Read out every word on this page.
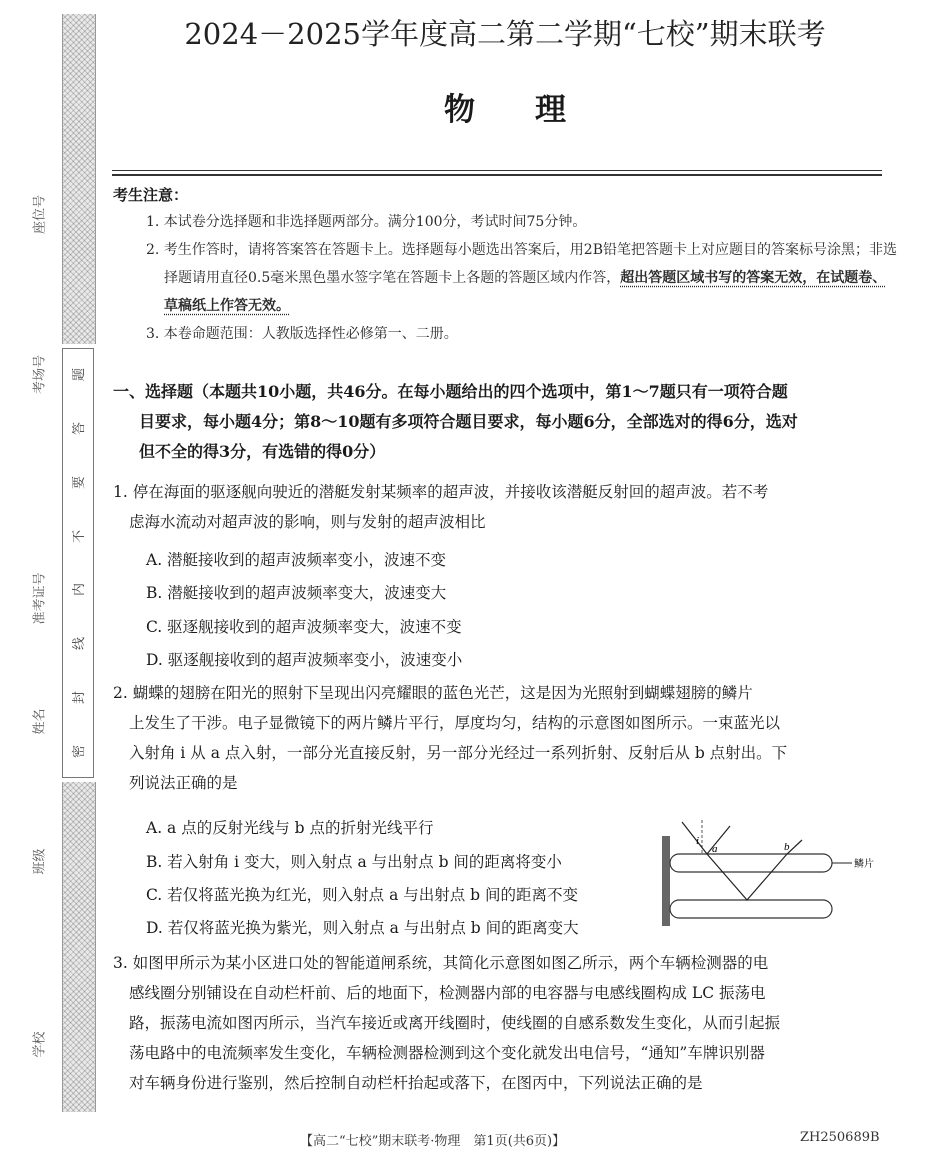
密
封
线
内
不
要
答
题
座位号
考场号
准考证号
姓名
班级
学校
2024－2025学年度高二第二学期“七校”期末联考
物理
考生注意：
1. 本试卷分选择题和非选择题两部分。满分100分，考试时间75分钟。
2. 考生作答时，请将答案答在答题卡上。选择题每小题选出答案后，用2B铅笔把答题卡上对应题目的答案标号涂黑；非选择题请用直径0.5毫米黑色墨水签字笔在答题卡上各题的答题区域内作答，超出答题区域书写的答案无效，在试题卷、草稿纸上作答无效。
3. 本卷命题范围：人教版选择性必修第一、二册。
一、选择题（本题共10小题，共46分。在每小题给出的四个选项中，第1～7题只有一项符合题
目要求，每小题4分；第8～10题有多项符合题目要求，每小题6分，全部选对的得6分，选对
但不全的得3分，有选错的得0分）
1. 停在海面的驱逐舰向驶近的潜艇发射某频率的超声波，并接收该潜艇反射回的超声波。若不考
虑海水流动对超声波的影响，则与发射的超声波相比
A. 潜艇接收到的超声波频率变小，波速不变
B. 潜艇接收到的超声波频率变大，波速变大
C. 驱逐舰接收到的超声波频率变大，波速不变
D. 驱逐舰接收到的超声波频率变小，波速变小
2. 蝴蝶的翅膀在阳光的照射下呈现出闪亮耀眼的蓝色光芒，这是因为光照射到蝴蝶翅膀的鳞片
上发生了干涉。电子显微镜下的两片鳞片平行，厚度均匀，结构的示意图如图所示。一束蓝光以
入射角 i 从 a 点入射，一部分光直接反射，另一部分光经过一系列折射、反射后从 b 点射出。下
列说法正确的是
A. a 点的反射光线与 b 点的折射光线平行
B. 若入射角 i 变大，则入射点 a 与出射点 b 间的距离将变小
C. 若仅将蓝光换为红光，则入射点 a 与出射点 b 间的距离不变
D. 若仅将蓝光换为紫光，则入射点 a 与出射点 b 间的距离变大
i
a	b
鳞片
3. 如图甲所示为某小区进口处的智能道闸系统，其简化示意图如图乙所示，两个车辆检测器的电
感线圈分别铺设在自动栏杆前、后的地面下，检测器内部的电容器与电感线圈构成 LC 振荡电
路，振荡电流如图丙所示，当汽车接近或离开线圈时，使线圈的自感系数发生变化，从而引起振
荡电路中的电流频率发生变化，车辆检测器检测到这个变化就发出电信号，“通知”车牌识别器
对车辆身份进行鉴别，然后控制自动栏杆抬起或落下，在图丙中，下列说法正确的是
【高二“七校”期末联考·物理　第1页(共6页)】	ZH250689B
